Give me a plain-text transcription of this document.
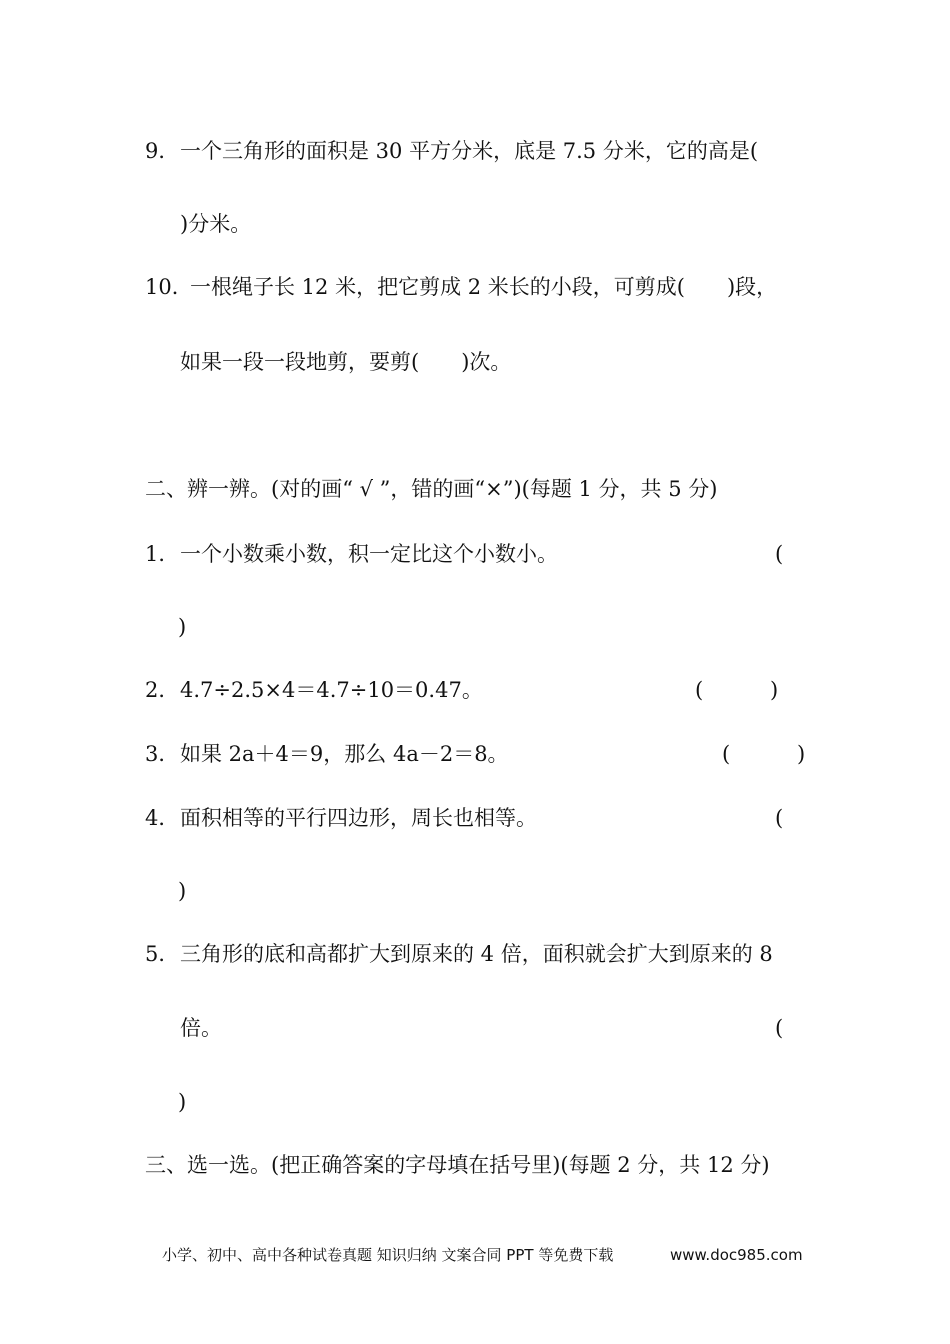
9． 一个三角形的面积是 30 平方分米，底是 7.5 分米，它的高是(
)分米。
10．
一根绳子长 12 米，把它剪成 2 米长的小段，可剪成(　　)段，
如果一段一段地剪，要剪(　　)次。
二、辨一辨。(对的画“ √ ”，错的画“×”)(每题 1 分，共 5 分)
1． 一个小数乘小数，积一定比这个小数小。	(
)
2． 4.7÷2.5×4＝4.7÷10＝0.47。	(	)
3． 如果 2a＋4＝9，那么 4a－2＝8。	(	)
4． 面积相等的平行四边形，周长也相等。	(
)
5． 三角形的底和高都扩大到原来的 4 倍，面积就会扩大到原来的 8
倍。	(
)
三、选一选。(把正确答案的字母填在括号里)(每题 2 分，共 12 分)
小学、初中、高中各种试卷真题 知识归纳 文案合同 PPT 等免费下载	www.doc985.com
